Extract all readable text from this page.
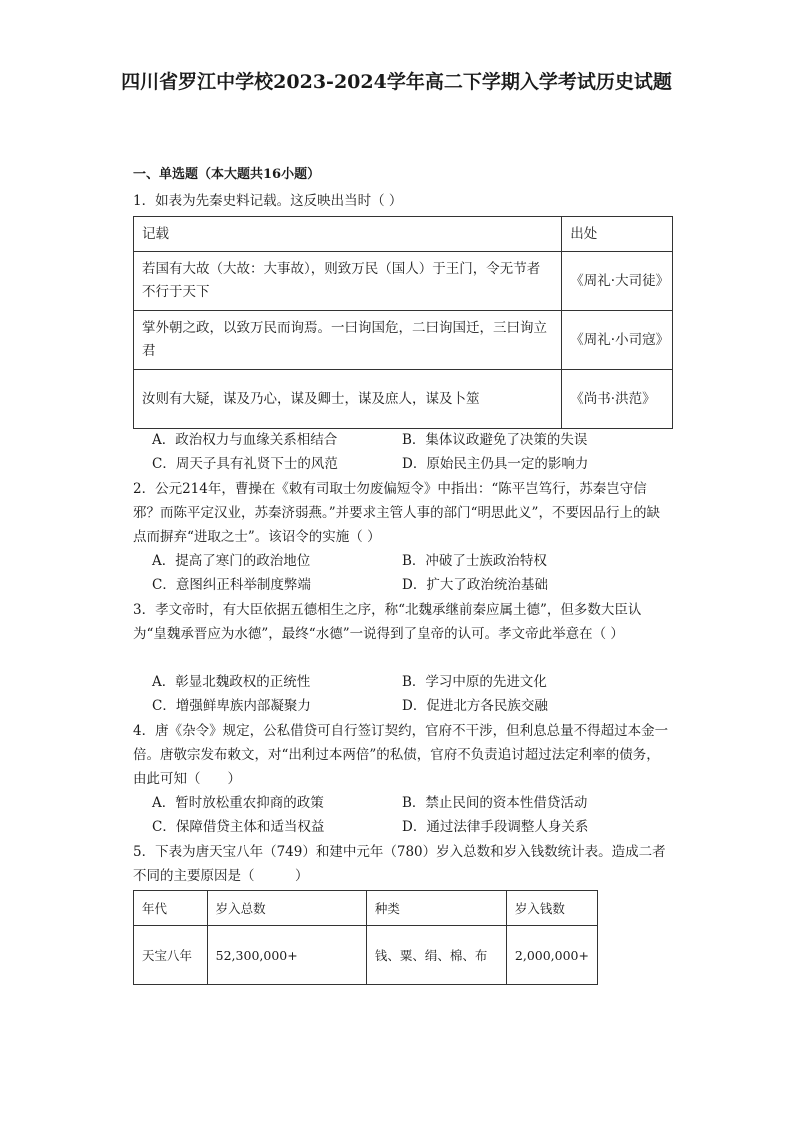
四川省罗江中学校2023-2024学年高二下学期入学考试历史试题
一、单选题（本大题共16小题）
1．如表为先秦史料记载。这反映出当时（ ）
记载	出处
若国有大故（大故：大事故），则致万民（国人）于王门，令无节者不行于天下	《周礼·大司徒》
掌外朝之政，以致万民而询焉。一曰询国危，二曰询国迁，三曰询立君	《周礼·小司寇》
汝则有大疑，谋及乃心，谋及卿士，谋及庶人，谋及卜筮	《尚书·洪范》
A．政治权力与血缘关系相结合	B．集体议政避免了决策的失误
C．周天子具有礼贤下士的风范	D．原始民主仍具一定的影响力
2．公元214年，曹操在《敕有司取士勿废偏短令》中指出：“陈平岂笃行，苏秦岂守信邪？而陈平定汉业，苏秦济弱燕。”并要求主管人事的部门“明思此义”，不要因品行上的缺点而摒弃“进取之士”。该诏令的实施（ ）
A．提高了寒门的政治地位	B．冲破了士族政治特权
C．意图纠正科举制度弊端	D．扩大了政治统治基础
3．孝文帝时，有大臣依据五德相生之序，称“北魏承继前秦应属土德”，但多数大臣认为“皇魏承晋应为水德”，最终“水德”一说得到了皇帝的认可。孝文帝此举意在（ ）
A．彰显北魏政权的正统性	B．学习中原的先进文化
C．增强鲜卑族内部凝聚力	D．促进北方各民族交融
4．唐《杂令》规定，公私借贷可自行签订契约，官府不干涉，但利息总量不得超过本金一倍。唐敬宗发布敕文，对“出利过本两倍”的私债，官府不负责追讨超过法定利率的债务，由此可知（　　）
A．暂时放松重农抑商的政策	B．禁止民间的资本性借贷活动
C．保障借贷主体和适当权益	D．通过法律手段调整人身关系
5．下表为唐天宝八年（749）和建中元年（780）岁入总数和岁入钱数统计表。造成二者不同的主要原因是（　　　）
年代	岁入总数	种类	岁入钱数
天宝八年	52,300,000+	钱、粟、绢、棉、布	2,000,000+
